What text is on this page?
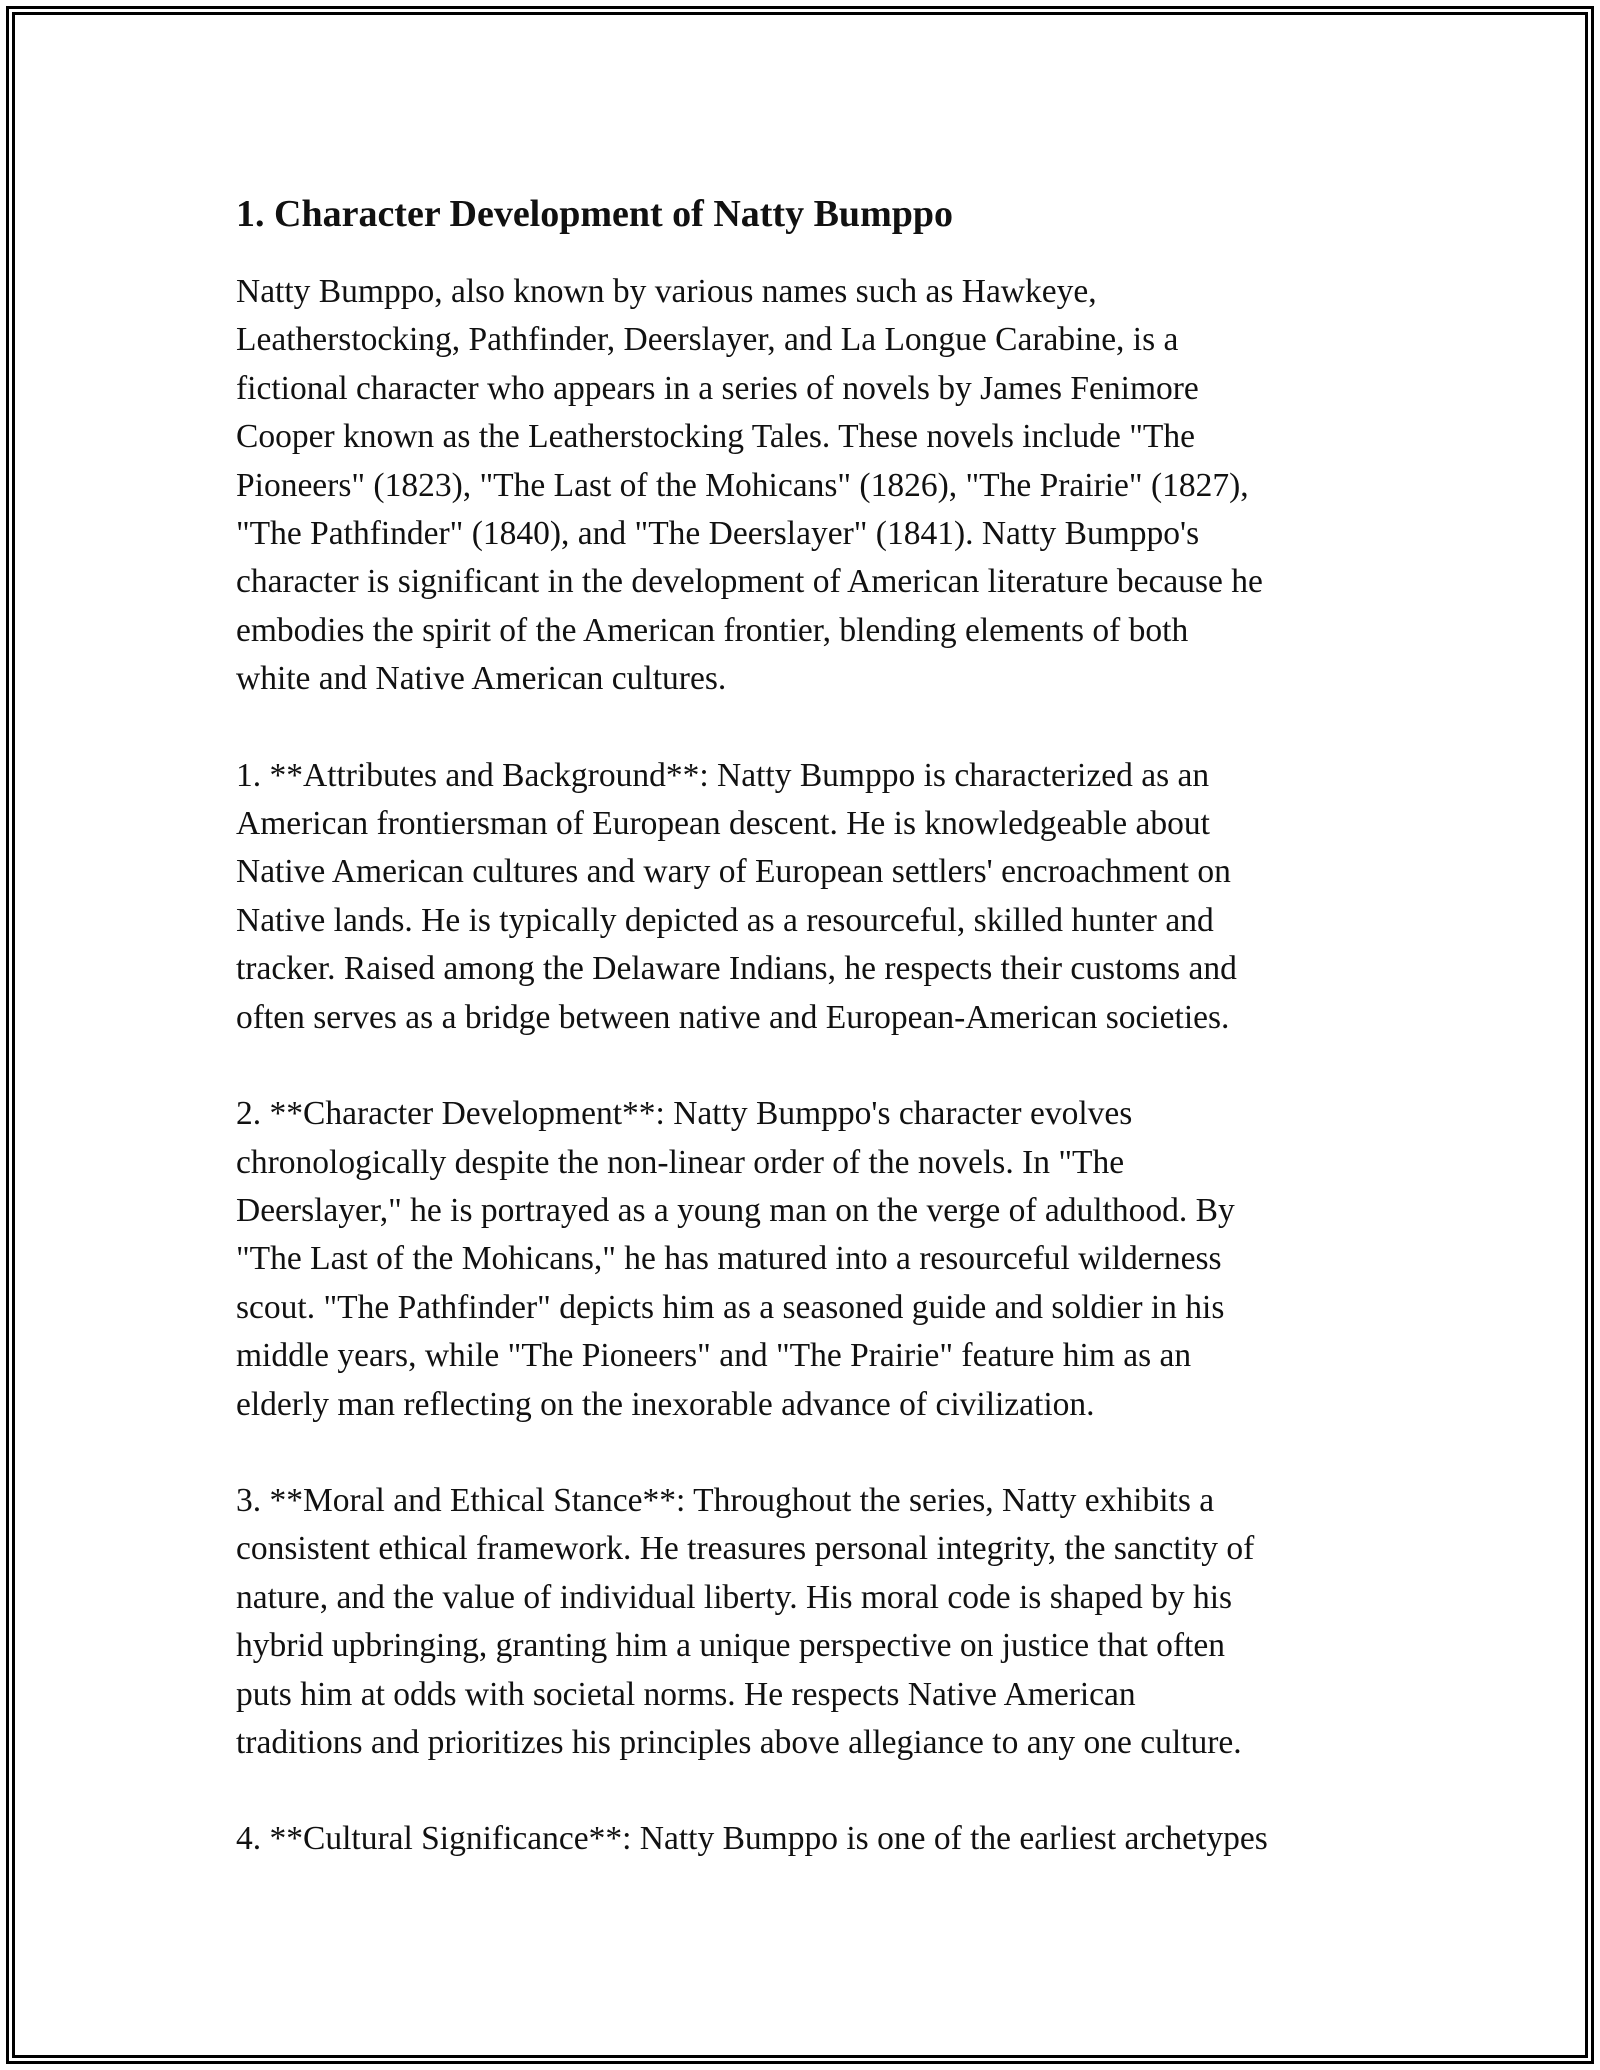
1. Character Development of Natty Bumppo

Natty Bumppo, also known by various names such as Hawkeye,
Leatherstocking, Pathfinder, Deerslayer, and La Longue Carabine, is a
fictional character who appears in a series of novels by James Fenimore
Cooper known as the Leatherstocking Tales. These novels include "The
Pioneers" (1823), "The Last of the Mohicans" (1826), "The Prairie" (1827),
"The Pathfinder" (1840), and "The Deerslayer" (1841). Natty Bumppo's
character is significant in the development of American literature because he
embodies the spirit of the American frontier, blending elements of both
white and Native American cultures.

1. **Attributes and Background**: Natty Bumppo is characterized as an
American frontiersman of European descent. He is knowledgeable about
Native American cultures and wary of European settlers' encroachment on
Native lands. He is typically depicted as a resourceful, skilled hunter and
tracker. Raised among the Delaware Indians, he respects their customs and
often serves as a bridge between native and European-American societies.

2. **Character Development**: Natty Bumppo's character evolves
chronologically despite the non-linear order of the novels. In "The
Deerslayer," he is portrayed as a young man on the verge of adulthood. By
"The Last of the Mohicans," he has matured into a resourceful wilderness
scout. "The Pathfinder" depicts him as a seasoned guide and soldier in his
middle years, while "The Pioneers" and "The Prairie" feature him as an
elderly man reflecting on the inexorable advance of civilization.

3. **Moral and Ethical Stance**: Throughout the series, Natty exhibits a
consistent ethical framework. He treasures personal integrity, the sanctity of
nature, and the value of individual liberty. His moral code is shaped by his
hybrid upbringing, granting him a unique perspective on justice that often
puts him at odds with societal norms. He respects Native American
traditions and prioritizes his principles above allegiance to any one culture.

4. **Cultural Significance**: Natty Bumppo is one of the earliest archetypes
